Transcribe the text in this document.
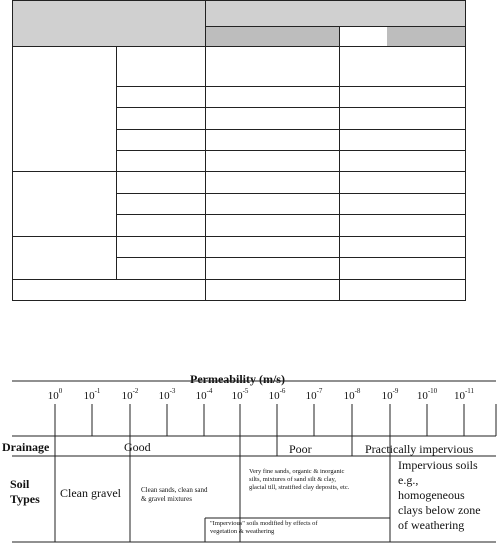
Permeability (m/s)
$10^0$ $10^{-1}$ $10^{-2}$ $10^{-3}$ $10^{-4}$ $10^{-5}$ $10^{-6}$ $10^{-7}$ $10^{-8}$ $10^{-9}$ $10^{-10}$ $10^{-11}$
Drainage	Good	Poor	Practically impervious
Soil
Types Clean gravel	Clean sands, clean sand
& gravel mixtures
Very fine sands, organic & inorganic
silts, mixtures of sand silt & clay,
glacial till, stratified clay deposits, etc.
"Impervious" soils modified by effects of
vegetation & weathering
Impervious soils
e.g.,
homogeneous
clays below zone
of weathering
